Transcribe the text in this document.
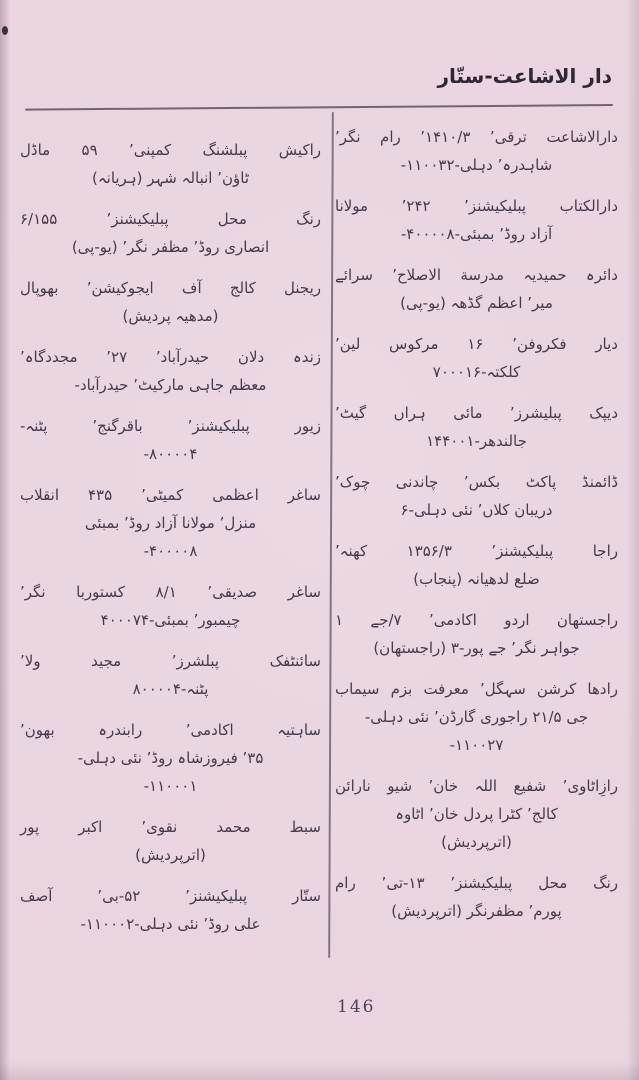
دار الاشاعت-ستّار
دارالاشاعت ترقی’ ۱۴۱۰/۳’ رام نگر’
شاہدرہ’ دہلی-۱۱۰۰۳۲-
دارالکتاب پبلیکیشنز’ ۲۴۲’ مولانا
آزاد روڈ’ بمبئی-۴۰۰۰۰۸-
دائرہ حمیدیہ مدرسة الاصلاح’ سرائے
میر’ اعظم گڈھہ (یو-پی)
دیار فکروفن’ ۱۶ مرکوس لین’
کلکتہ-۷۰۰۰۱۶
دیپک پبلیشرز’ مائی ہراں گیٹ’
جالندھر-۱۴۴۰۰۱
ڈائمنڈ پاکٹ بکس’ چاندنی چوک’
دریبان کلاں’ نئی دہلی-۶
راجا پبلیکیشنز’ ۱۳۵۶/۳ کھنہ’
ضلع لدھیانہ (پنجاب)
راجستھان اردو اکادمی’ ۷/جے ۱
جواہر نگر’ جے پور-۳ (راجستھان)
رادھا کرشن سہگل’ معرفت بزم سیماب
جی ۲۱/۵ راجوری گارڈن’ نئی دہلی-
۱۱۰۰۲۷-
رازِاٹاوی’ شفیع اللہ خان’ شیو نارائن
کالج’ کٹرا پردل خان’ اٹاوہ
(اترپردیش)
رنگ محل پبلیکیشنز’ ۱۳-تی’ رام
پورم’ مظفرنگر (اترپردیش)
راکیش پبلشنگ کمپنی’ ۵۹ ماڈل
ٹاؤن’ انبالہ شہر (ہریانہ)
رنگ محل پبلیکیشنز’ ۶/۱۵۵
انصاری روڈ’ مظفر نگر’ (یو-پی)
ریجنل کالج آف ایجوکیشن’ بھوپال
(مدھیہ پردیش)
زندہ دلان حیدرآباد’ ۲۷’ مجددگاہ’
معظم جاہی مارکیٹ’ حیدرآباد-
زیور پبلیکیشنز’ باقرگنج’ پٹنہ-
۸۰۰۰۰۴-
ساغر اعظمی کمیٹی’ ۴۳۵ انقلاب
منزل’ مولانا آزاد روڈ’ بمبئی
۴۰۰۰۰۸-
ساغر صدیقی’ ۸/۱ کستوربا نگر’
چیمبور’ بمبئی-۴۰۰۰۷۴
سائنٹفک پبلشرز’ مجید ولا’
پٹنہ-۸۰۰۰۰۴
ساہتیہ اکادمی’ رابندرہ بھون’
۳۵’ فیروزشاہ روڈ’ نئی دہلی-
۱۱۰۰۰۱-
سبط محمد نقوی’ اکبر پور
(اترپردیش)
ستّار پبلیکیشنز’ ۵۲-بی’ آصف
علی روڈ’ نئی دہلی-۱۱۰۰۰۲-
146
